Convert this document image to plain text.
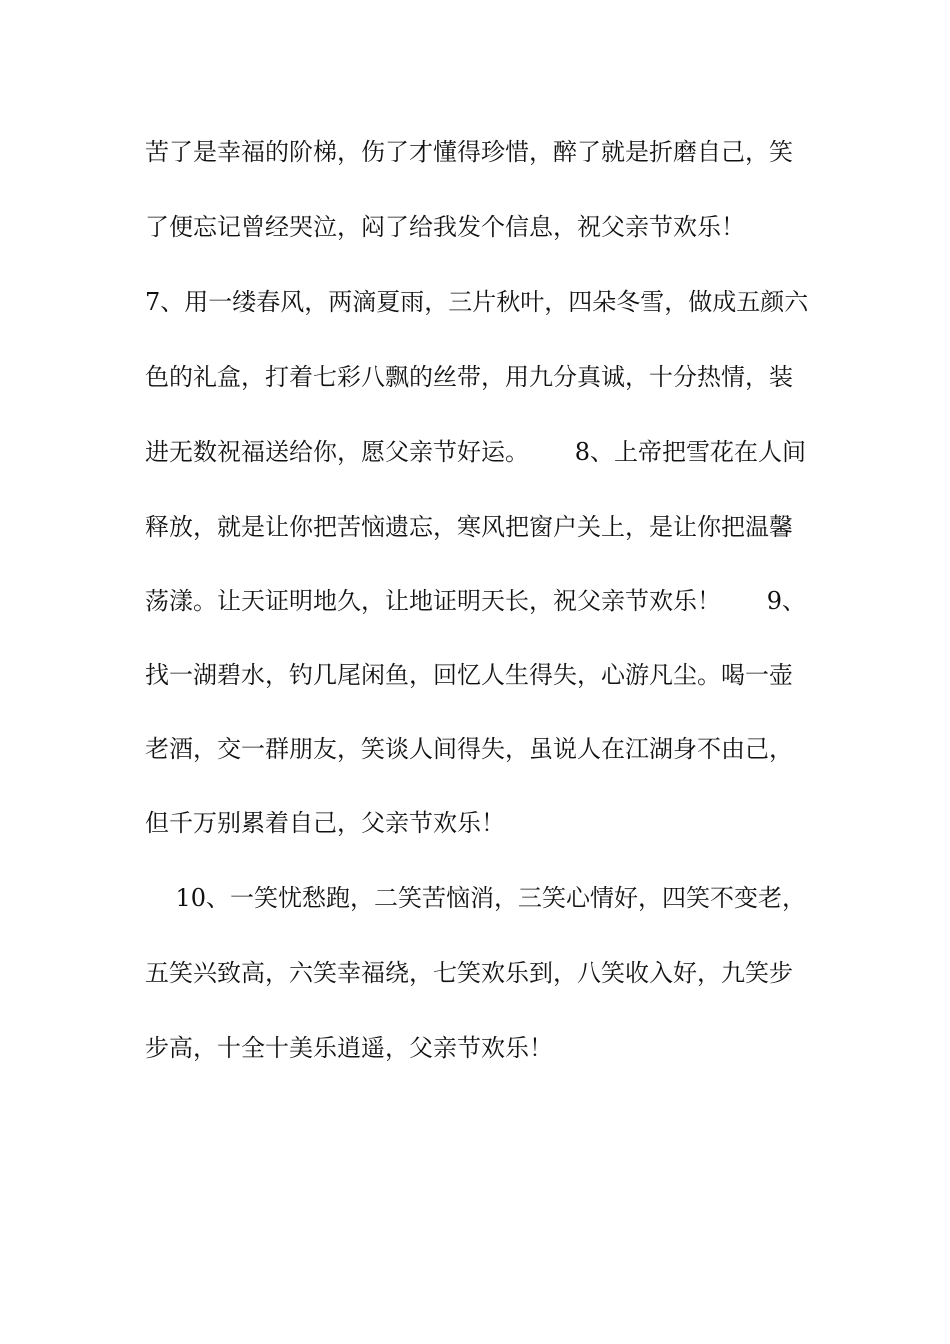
苦了是幸福的阶梯，伤了才懂得珍惜，醉了就是折磨自己，笑
了便忘记曾经哭泣，闷了给我发个信息，祝父亲节欢乐！
7、用一缕春风，两滴夏雨，三片秋叶，四朵冬雪，做成五颜六
色的礼盒，打着七彩八飘的丝带，用九分真诚，十分热情，装
进无数祝福送给你，愿父亲节好运。      8、上帝把雪花在人间
释放，就是让你把苦恼遗忘，寒风把窗户关上，是让你把温馨
荡漾。让天证明地久，让地证明天长，祝父亲节欢乐！      9、
找一湖碧水，钓几尾闲鱼，回忆人生得失，心游凡尘。喝一壶
老酒，交一群朋友，笑谈人间得失，虽说人在江湖身不由己，
但千万别累着自己，父亲节欢乐！
10、一笑忧愁跑，二笑苦恼消，三笑心情好，四笑不变老，
五笑兴致高，六笑幸福绕，七笑欢乐到，八笑收入好，九笑步
步高，十全十美乐逍遥，父亲节欢乐！
